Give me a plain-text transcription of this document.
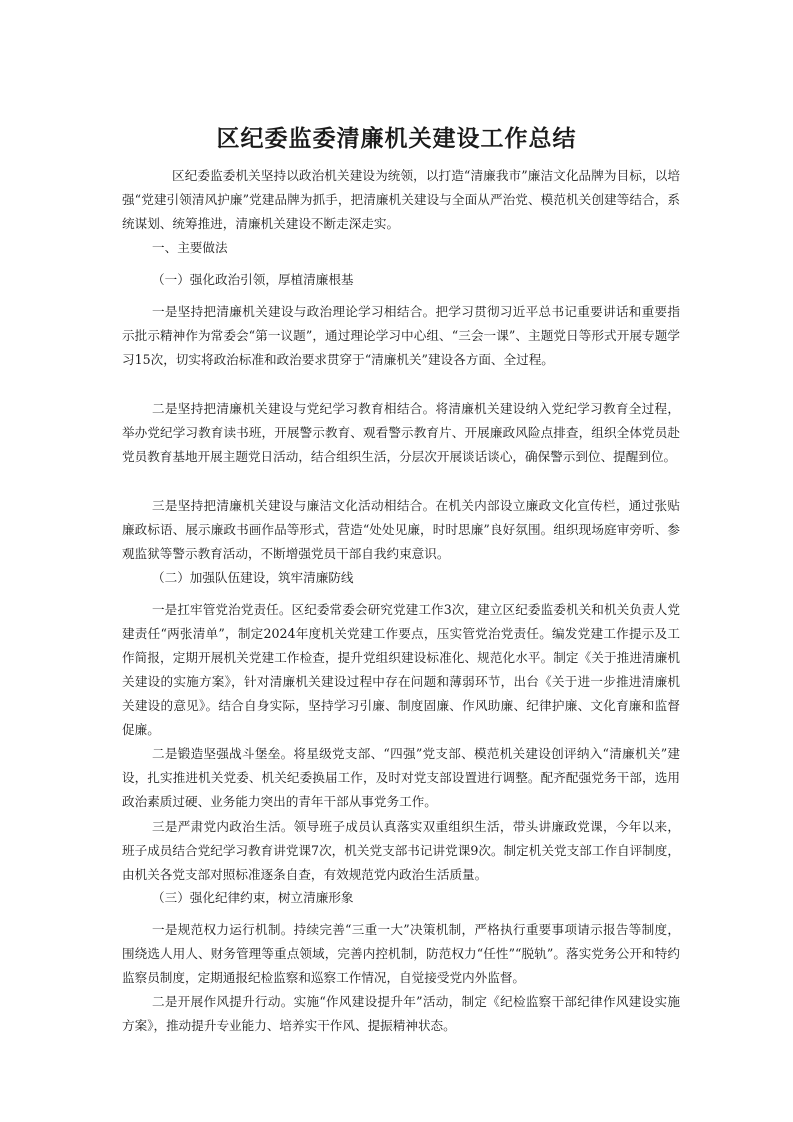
区纪委监委清廉机关建设工作总结

区纪委监委机关坚持以政治机关建设为统领，以打造“清廉我市”廉洁文化品牌为目标，以培强“党建引领清风护廉”党建品牌为抓手，把清廉机关建设与全面从严治党、模范机关创建等结合，系统谋划、统筹推进，清廉机关建设不断走深走实。

一、主要做法

（一）强化政治引领，厚植清廉根基

一是坚持把清廉机关建设与政治理论学习相结合。把学习贯彻习近平总书记重要讲话和重要指示批示精神作为常委会“第一议题”，通过理论学习中心组、“三会一课”、主题党日等形式开展专题学习15次，切实将政治标准和政治要求贯穿于“清廉机关”建设各方面、全过程。

二是坚持把清廉机关建设与党纪学习教育相结合。将清廉机关建设纳入党纪学习教育全过程，举办党纪学习教育读书班，开展警示教育、观看警示教育片、开展廉政风险点排查，组织全体党员赴党员教育基地开展主题党日活动，结合组织生活，分层次开展谈话谈心，确保警示到位、提醒到位。

三是坚持把清廉机关建设与廉洁文化活动相结合。在机关内部设立廉政文化宣传栏，通过张贴廉政标语、展示廉政书画作品等形式，营造“处处见廉，时时思廉”良好氛围。组织现场庭审旁听、参观监狱等警示教育活动，不断增强党员干部自我约束意识。

（二）加强队伍建设，筑牢清廉防线

一是扛牢管党治党责任。区纪委常委会研究党建工作3次，建立区纪委监委机关和机关负责人党建责任“两张清单”，制定2024年度机关党建工作要点，压实管党治党责任。编发党建工作提示及工作简报，定期开展机关党建工作检查，提升党组织建设标准化、规范化水平。制定《关于推进清廉机关建设的实施方案》，针对清廉机关建设过程中存在问题和薄弱环节，出台《关于进一步推进清廉机关建设的意见》。结合自身实际，坚持学习引廉、制度固廉、作风助廉、纪律护廉、文化育廉和监督促廉。

二是锻造坚强战斗堡垒。将星级党支部、“四强”党支部、模范机关建设创评纳入“清廉机关”建设，扎实推进机关党委、机关纪委换届工作，及时对党支部设置进行调整。配齐配强党务干部，选用政治素质过硬、业务能力突出的青年干部从事党务工作。

三是严肃党内政治生活。领导班子成员认真落实双重组织生活，带头讲廉政党课，今年以来，班子成员结合党纪学习教育讲党课7次，机关党支部书记讲党课9次。制定机关党支部工作自评制度，由机关各党支部对照标准逐条自查，有效规范党内政治生活质量。

（三）强化纪律约束，树立清廉形象

一是规范权力运行机制。持续完善“三重一大”决策机制，严格执行重要事项请示报告等制度，围绕选人用人、财务管理等重点领域，完善内控机制，防范权力“任性”“脱轨”。落实党务公开和特约监察员制度，定期通报纪检监察和巡察工作情况，自觉接受党内外监督。

二是开展作风提升行动。实施“作风建设提升年”活动，制定《纪检监察干部纪律作风建设实施方案》，推动提升专业能力、培养实干作风、提振精神状态。
